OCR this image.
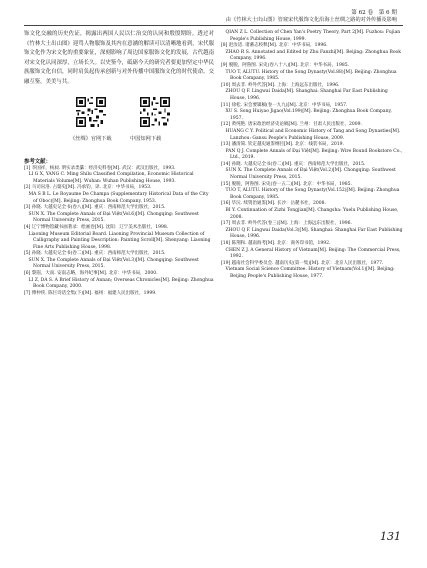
第 62 卷　第 6 期
由《竹林大士出山图》管窥宋代服饰文化沿海上丝绸之路的对外传播及影响

饰文化交融的历史佐证，揭露出两国人民以仁治交的认同和殷殷期盼。透过对《竹林大士出山图》迎骂人物服饰及其内在意涵的解读可以清晰地看到，宋代服饰文化作为宋文化的重要象征，深刻影响了周边国家服饰文化的发展，古代越南对宋文化认同深厚，立场长久。以史鉴今，砥砺今天的研究者要更加坚定中华民族服饰文化自信，同时肩负起传承创新与对外传播中国服饰文化的时代使命，交融互鉴，美美与共。

《丝绸》官网下载	中国知网下载

参考文献：

[1] 李国祥，杨昶. 明实录类纂：经济史料卷[M]. 武汉：武汉出版社，1993.
　LI G X, YANG C. Ming Shilu Classified Compilation, Economic Historical Materials Volume[M]. Wuhan: Wuhan Publishing House, 1993.
[2] 马司帛洛. 占婆史[M]. 冯承钧，译. 北京：中华书局，1953.
　MA S B L. Le Royaume De Champa (Supplementary Historical Data of the City of Oboc)[M]. Beijing: Zhonghua Book Company, 1953.
[3] 孙晓. 大越史记全书(卷八)[M]. 重庆：西南师范大学出版社，2015.
　SUN X. The Complete Annals of Đại Việt(Vol.6)[M]. Chongqing: Southwest Normal University Press, 2015.
[4] 辽宁博物馆藏书画著录：绘画卷[M]. 沈阳：辽宁美术出版社，1998.
　Liaoning Museum Editorial Board. Liaoning Provincial Museum Collection of Calligraphy and Painting Description: Painting Scroll[M]. Shenyang: Liaoning Fine Arts Publishing House, 1998.
[5] 孙晓. 大越史记全书(卷二)[M]. 重庆：西南师范大学出版社，2015.
　SUN X. The Complete Annals of Đại Việt(Vol.3)[M]. Chongqing: Southwest Normal University Press, 2015.
[6] 黎崱，大南. 安南志略，海外纪事[M]. 北京：中华书局，2000.
　LI Z, DA S. A Brief History of Annan; Overseas Chronicles[M]. Beijing: Zhonghua Book Company, 2000.
[7] 傅仲侠. 陈巨诗话全集(下)[M]. 福州：福建人民出版社，1999.
　QIAN Z L. Collection of Chen Yan's Poetry Theory, Part 2[M]. Fuzhou: Fujian People's Publishing House, 1999.
[8] 赵汝适. 诸蕃志校释[M]. 北京：中华书局，1996.
　ZHAO R S. Annotated and Edited by Zhu Fanzhi[M]. Beijing: Zhonghua Book Company, 1996.
[9] 脱脱，阿鲁图. 宋史(卷八十八)[M]. 北京：中华书局，1985.
　TUO T, ALUTU. History of the Song Dynasty(Vol.88)[M]. Beijing: Zhonghua Book Company, 1985.
[10] 周去非. 岭外代答[M]. 上海：上海远东出版社，1996.
　ZHOU Q F. Lingwai Daida[M]. Shanghai: Shanghai Far East Publishing House, 1996.
[11] 徐松. 宋会要辑稿(卷一九九)[M]. 北京：中华书局，1957.
　XU S. Song Huiyao Jigao(Vol.199)[M]. Beijing: Zhonghua Book Company, 1957.
[12] 黄纯艳. 唐宋政治经济史论稿[M]. 兰州：甘肃人民出版社，2009.
　HUANG C Y. Political and Economic History of Tang and Song Dynasties[M]. Lanzhou: Gansu People's Publishing House, 2009.
[13] 潘清简. 钦定越史通鉴纲目[M]. 北京：线装书局，2019.
　PAN Q J. Complete Annals of Đại Việt[M]. Beijing: Wire Bound Bookstore Co., Ltd., 2019.
[14] 孙晓. 大越史记全书(卷二)[M]. 重庆：西南师范大学出版社，2015.
　SUN X. The Complete Annals of Đại Việt(Vol.2)[M]. Chongqing: Southwest Normal University Press, 2015.
[15] 脱脱，阿鲁图. 宋史(卷一五二)[M]. 北京：中华书局，1985.
　TUO T, ALUTU. History of the Song Dynasty(Vol.152)[M]. Beijing: Zhonghua Book Company, 1985.
[16] 毕沅. 续资治通鉴[M]. 长沙：岳麓书社，2008.
　BI Y. Continuation of Zizhi Tongjian[M]. Changsha: Yuelu Publishing House, 2008.
[17] 周去非. 岭外代答(卷三)[M]. 上海：上海远东出版社，1996.
　ZHOU Q F. Lingwai Daida(Vol.3)[M]. Shanghai: Shanghai Far East Publishing House, 1996.
[18] 陈荆和. 越南海考[M]. 北京：商务印书馆，1992.
　CHEN Z J. A General History of Vietnam[M]. Beijing: The Commercial Press, 1992.
[19] 越南社会科学委员会. 越南历史(第一集)[M]. 北京：北京人民出版社，1977.
　Vietnam Social Science Committee. History of Vietnam(Vol.1)[M]. Beijing: Beijing People's Publishing House, 1977.
131
